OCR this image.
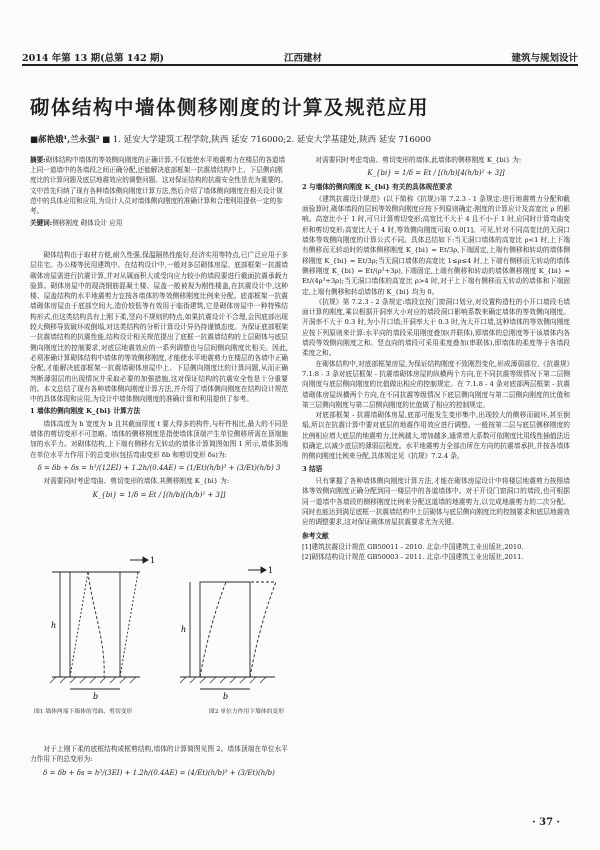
2014 年第 13 期(总第 142 期)	江西建材	建筑与规划设计
砌体结构中墙体侧移刚度的计算及规范应用
■郝艳娥¹,兰永强² ■ 1. 延安大学建筑工程学院,陕西 延安 716000;2. 延安大学基建处,陕西 延安 716000
摘要:砌体结构中墙体的等效侧向刚度的正确计算,不仅能使水平地震剪力在楼层的各道墙上同一道墙中的各墙段之间正确分配,还能解决底部框架一抗震墙结构中上、下层侧向刚度比的计算问题及底层地震效应的调整问题。这对保证结构的抗震安全性是充为重要的。文中首先归纳了现有各种墙体侧向刚度计算方法,然后介绍了墙体侧向刚度在相关设计规范中的具体应用和应用,为设计人员对墙体侧向刚度的准确计算和合理利用提供一定的参考。
关键词:侧移刚度 砌体设计 应用

砌体结构由于取材方便,耐久性强,保温隔热性能好,经济实用等特点,已广泛应用于多层住宅、办公楼等民用建筑中。在结构设计中,一般对多层砌体房屋、底部框架一抗震墙砌体房屋需进行抗震计算,并对从属面积大或受向应力较小的墙段要进行截面抗震承载力验算。砌体房屋中的现浇钢筋混凝土楼、屋盖一般被视为刚性楼盖,在抗震设计中,这种楼、屋盖结构的水平地震剪力宜按各墙体的等效侧移刚度比例来分配。底部框架一抗震墙砌体房屋由于底部空间大,造价较低等有效用于临街建筑,它是砌体房屋中一种特殊结构形式,但这类结构具有上刚下柔,竖向不规则的特点,如果抗震设计不合理,会因底部出现较大侧移导致破坏或倒塌,对这类结构的分析计算设计异仍持谨慎态度。为保证底部框架一抗震墙结构的抗震性能,结构设计相关规范提出了底框一抗震墙结构的上层砌体与底层侧向刚度比的控制要求,对底层地震效应的一系列调整也与层间侧向刚度比相关。因此,必须准确计算砌体结构中墙体的等效侧移刚度,才能使水平地震剪力在楼层的各墙中正确分配,才能解决底部框架一抗震墙砌体房屋中上、下层侧向刚度比的计算问题,从而正确判断薄弱层的出现情况并采取必要的加强措施,这对保证结构的抗震安全性是十分重要的。本文总结了现有各种墙体侧向刚度计算方法,并介绍了墙体侧向刚度在结构设计规范中的具体体现和应用,为设计中墙体侧向刚度的准确计算和利用提供了参考。

1 墙体的侧向刚度 K_{bi} 计算方法

墙体高度为 h 宽度为 b 且其截面厚度 t 要大得多的构件,与杆件相比,最大的不同是墙体的剪切变形不可忽略。墙体的侧移刚度是指使墙体顶端产生单位侧移所需在顶端施加的水平力。对砌体结构,上下端有侧移有无转动的墙体计算简图如图 1 所示,墙体顶端在单位水平力作用下的总变形(包括弯曲变形 δb 和剪切变形 δs)为:

δ = δb + δs = h³/(12EI) + 1.2h/(0.4AE) = (1/Et)(h/b)³ + (3/Et)(h/b) 3

对需要同时考虑弯曲、剪切变形的墙体,其侧移刚度 K_{bi} 为:

K_{bi} = 1/δ = Et / [(h/b)[(h/b)² + 3]]
h
b
1
h
b
1
图1 墙体两端下墙体的弯曲、剪切变形	图2 单位力作用下墙体的变形

对于上刚下柔的底框结构或框剪结构,墙体的计算简图见图 2。墙体顶端在单位水平力作用下的总变形为:

δ = δb + δs = h³/(3EI) + 1.2h/(0.4AE) = (4/Et)(h/b)³ + (3/Et)(h/b)

对需要同时考虑弯曲、剪切变形的墙体,此墙体的侧移刚度 K_{bi} 为:

K_{bi} = 1/δ = Et / [(h/b)[4(h/b)² + 3]]
2 与墙体的侧向刚度 K_{bi} 有关的具体规范要求

《建筑抗震设计规范》(以下简称《抗规》)第 7.2.3 - 1 条规定:进行地震剪力分配和截面验算时,砌体墙段的层间等效侧向刚度应按下列原则确定:刚度的计算应计及高宽比 ρ 的影响。高宽比小于 1 时,可只计算剪切变形;高宽比不大于 4 且不小于 1 时,应同时计算弯曲变形和剪切变形;高宽比大于 4 时,等效侧向刚度可取 0.0[1]。可见,针对不同高宽比的无洞口墙体等效侧向刚度的计算公式不同。具体总结如下:当无洞口墙体的高宽比 ρ<1 时,上下端有侧移而无转动时的墙体侧移刚度 K_{bi} = Et/3ρ,下端固定,上端有侧移和转动的墙体侧移刚度 K_{bi} = Et/3ρ;当无洞口墙体的高宽比 1≤ρ≤4 时,上下端有侧移而无转动的墙体侧移刚度 K_{bi} = Et/(ρ³+3ρ),下端固定,上端有侧移和转动的墙体侧移刚度 K_{bi} = Et/(4ρ³+3ρ);当无洞口墙体的高宽比 ρ>4 时,对于上下端有侧移而无转动的墙体和下端固定,上端有侧移和转动墙体的 K_{bi} 均为 0。

《抗规》第 7.2.3 - 2 条规定:墙段宜按门窗洞口划分,对设置构造柱的小开口墙段毛墙面计算的刚度,乘以根据开洞率大小对应的墙段洞口影响系数来确定墙体的等效侧向刚度。开洞率不大于 0.3 时,为小开口墙;开洞率大于 0.3 时,为大开口墙,这种墙体的等效侧向刚度应按下列原则来计算:水平向的墙段采用刚度叠加(并联体),即墙体的总刚度等于该墙体内各墙段等效侧向刚度之和。竖直向的墙段可采用柔度叠加(串联体),即墙体的柔度等于各墙段柔度之和。

在砌体结构中,对底部框架房屋,为保证结构刚度不致刚烈变化,形成薄弱部位,《抗震规》7.1.8 - 3 条对底层框架 - 抗震墙砌体房屋的纵横两个方向,在不同抗震等级情况下第二层侧向刚度与底层侧向刚度的比值做出相应的控制规定。在 7.1.8 - 4 条对底部两层框架 - 抗震墙砌体房屋纵横两个方向,在不同抗震等级情况下底层侧向刚度与第二层侧向刚度的比值和第三层侧向刚度与第二层侧向刚度的比值做了相应的控制规定。

对底部框架 - 抗震墙砌体房屋,底部可能发生变形集中,出现较大的侧移而破坏,甚至倒塌,所以在抗震计算中要对底层的地震作用效应进行调整。一般按第二层与底层侧移刚度的比例相应增大底层的地震剪力,比例越大,增加越多,通常增大系数可依刚度比用线性插值法近似确定,以减少底层的薄弱层程度。水平地震剪力全部由所在方向的抗震墙承担,并按各墙体的侧向刚度比例来分配,具体规定见《抗规》7.2.4 条。

3 结语

只有掌握了各种墙体侧向刚度计算方法,才能在砌体房屋设计中将楼层地震剪力按照墙体等效侧向刚度正确分配到同一楼层中的各道墙体中。对于开设门窗洞口的墙段,也可根据同一道墙中各墙段的侧移刚度比例来分配这道墙的地震剪力,以完成地震剪力的二次分配。同时也能达到满足底框一抗震墙结构中上层砌体与底层侧向刚度比的控制要求和底层地震效应的调整要求,这对保证砌体房屋抗震要求尤为关键。

参考文献

[1]建筑抗震设计规范 GB50011 - 2010. 北京:中国建筑工业出版社,2010.

[2]砌体结构设计规范 GB50003 - 2011. 北京:中国建筑工业出版社,2011.

· 37 ·
